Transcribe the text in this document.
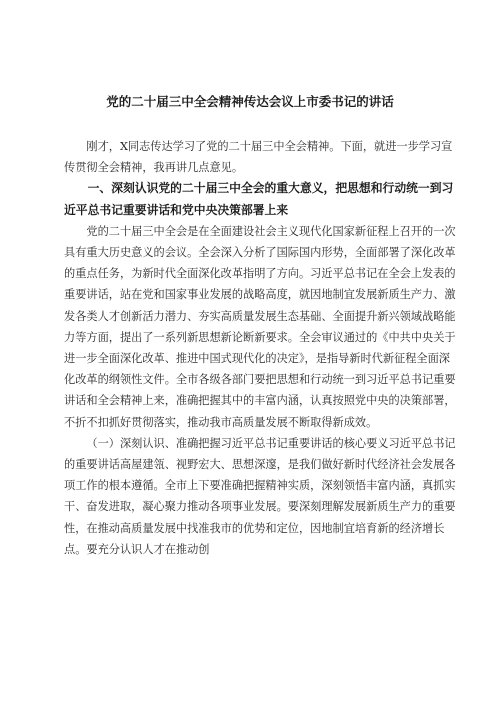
党的二十届三中全会精神传达会议上市委书记的讲话

刚才，X同志传达学习了党的二十届三中全会精神。下面，就进一步学习宣传贯彻全会精神，我再讲几点意见。

一、深刻认识党的二十届三中全会的重大意义，把思想和行动统一到习近平总书记重要讲话和党中央决策部署上来

党的二十届三中全会是在全面建设社会主义现代化国家新征程上召开的一次具有重大历史意义的会议。全会深入分析了国际国内形势，全面部署了深化改革的重点任务，为新时代全面深化改革指明了方向。习近平总书记在全会上发表的重要讲话，站在党和国家事业发展的战略高度，就因地制宜发展新质生产力、激发各类人才创新活力潜力、夯实高质量发展生态基础、全面提升新兴领域战略能力等方面，提出了一系列新思想新论断新要求。全会审议通过的《中共中央关于进一步全面深化改革、推进中国式现代化的决定》，是指导新时代新征程全面深化改革的纲领性文件。全市各级各部门要把思想和行动统一到习近平总书记重要讲话和全会精神上来，准确把握其中的丰富内涵，认真按照党中央的决策部署，不折不扣抓好贯彻落实，推动我市高质量发展不断取得新成效。

（一）深刻认识、准确把握习近平总书记重要讲话的核心要义习近平总书记的重要讲话高屋建瓴、视野宏大、思想深邃，是我们做好新时代经济社会发展各项工作的根本遵循。全市上下要准确把握精神实质，深刻领悟丰富内涵，真抓实干、奋发进取，凝心聚力推动各项事业发展。要深刻理解发展新质生产力的重要性，在推动高质量发展中找准我市的优势和定位，因地制宜培育新的经济增长点。要充分认识人才在推动创
